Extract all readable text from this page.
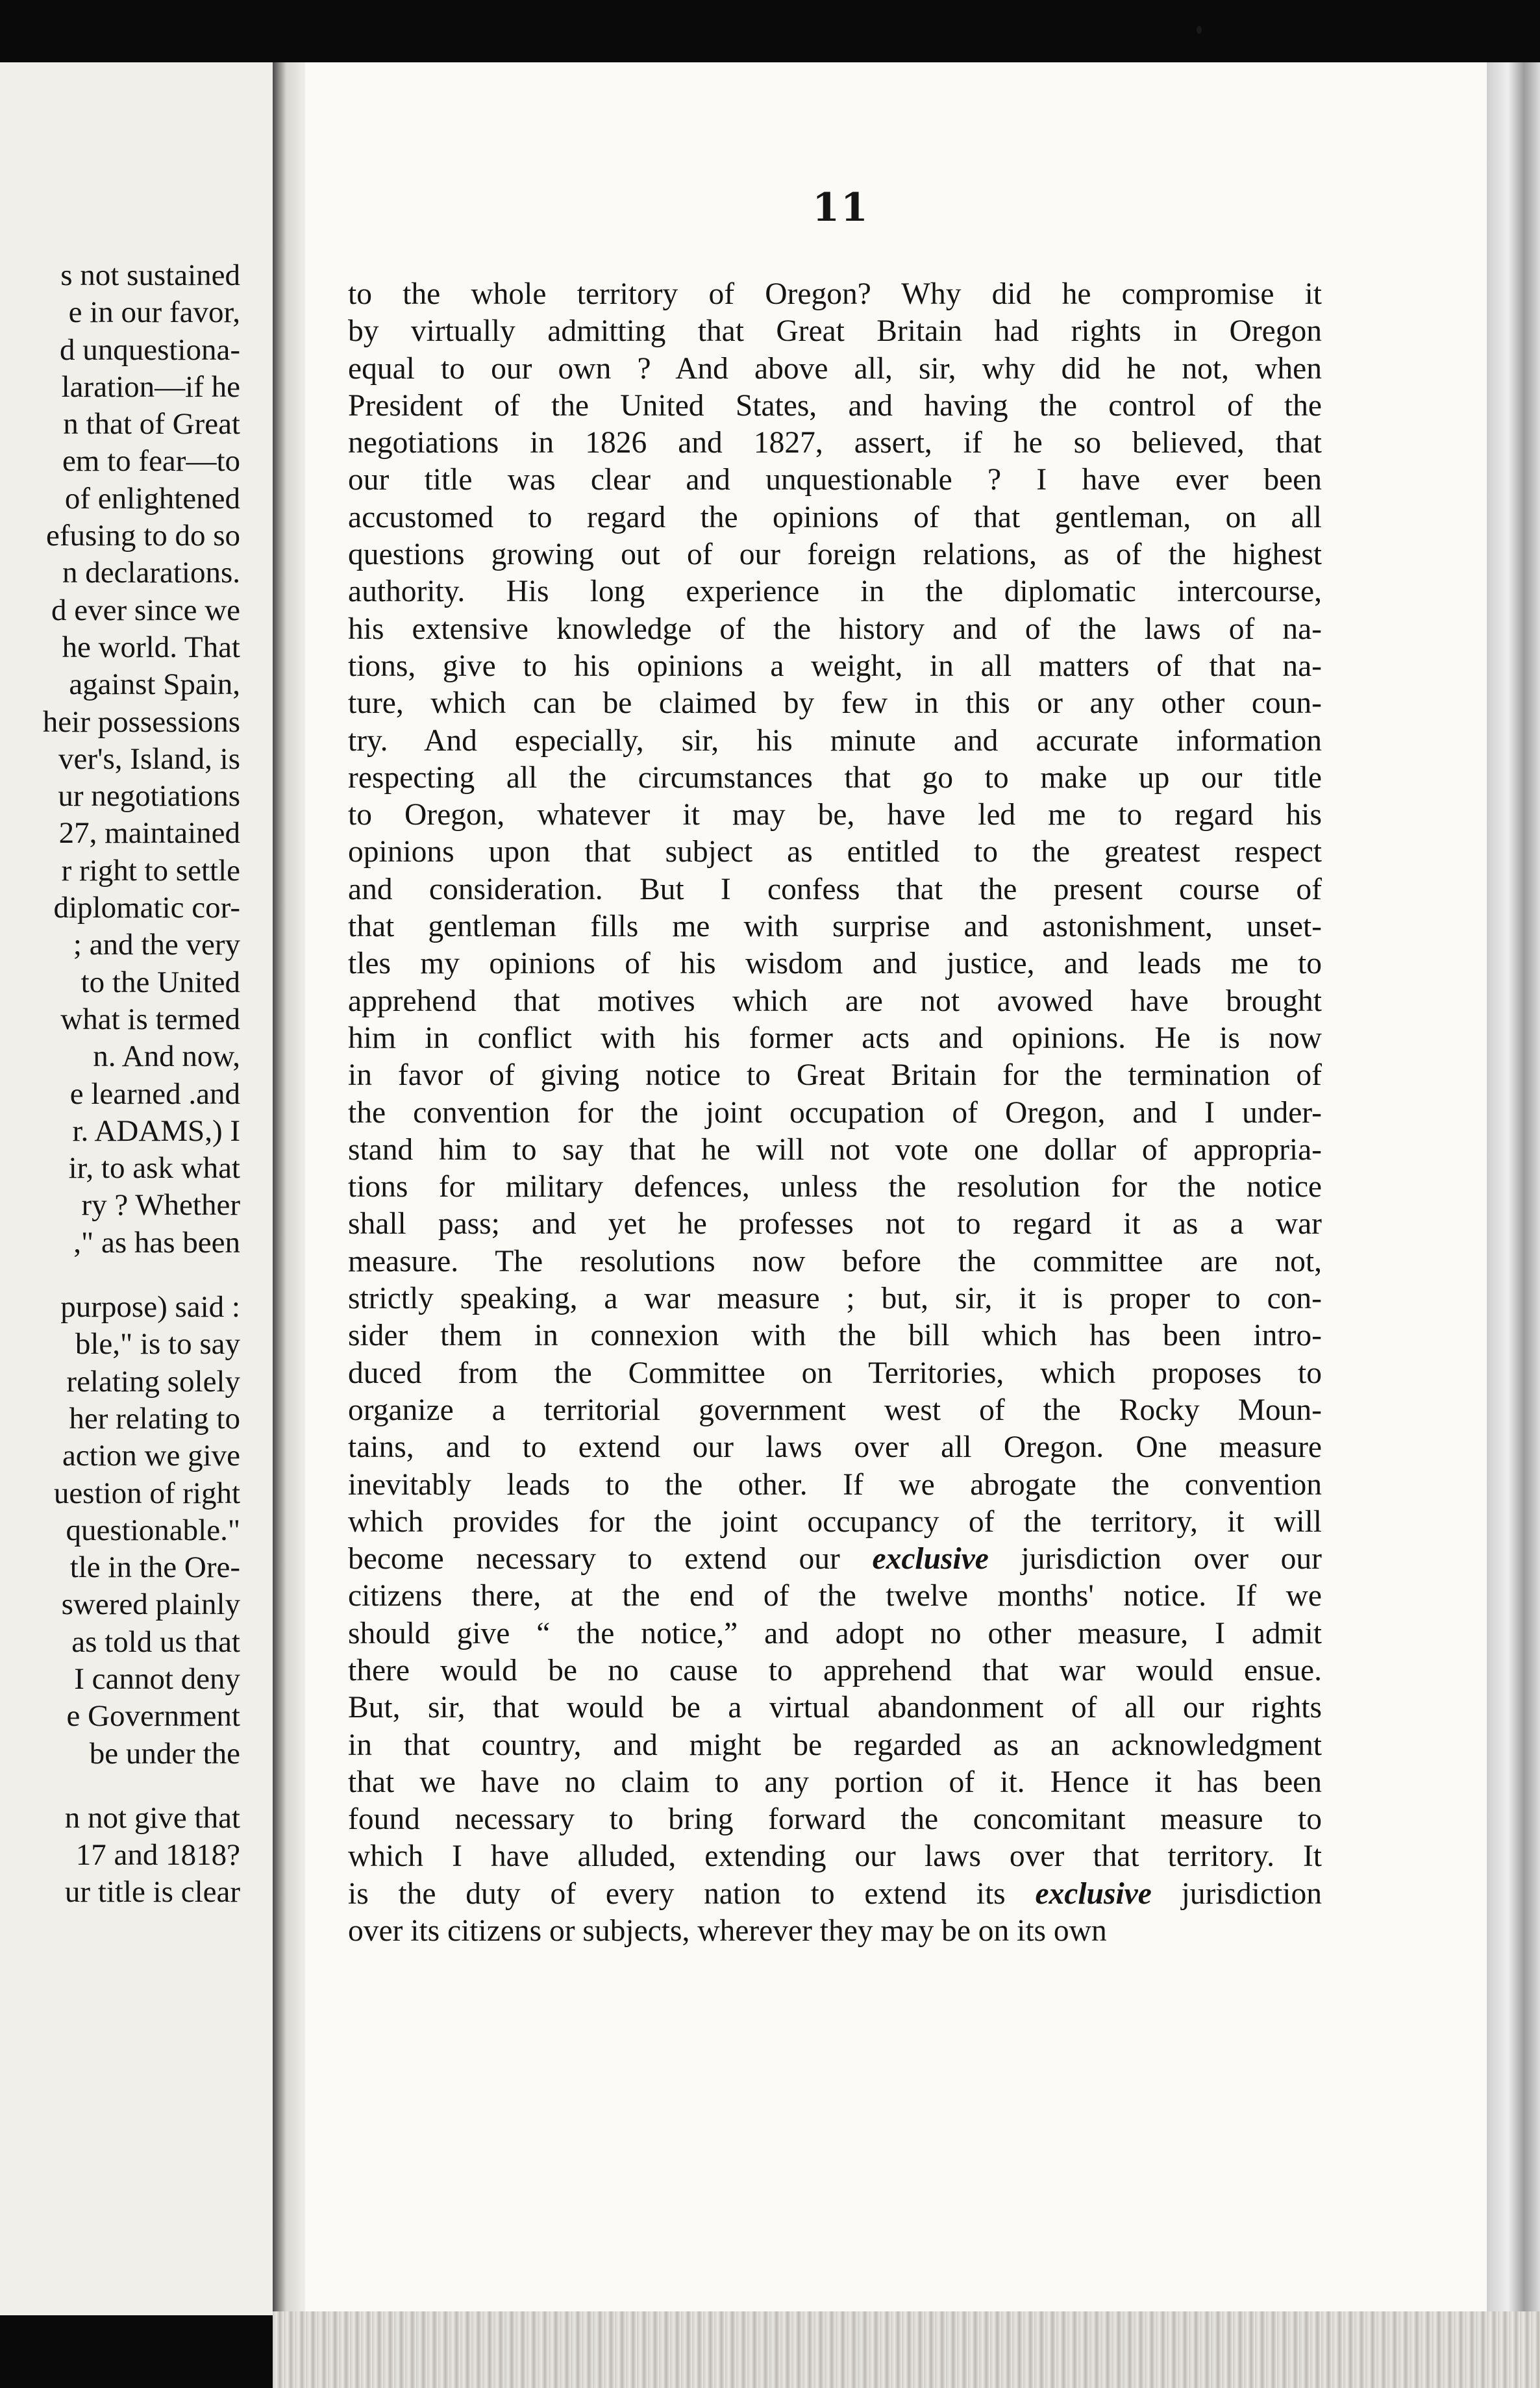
s not sustained
e in our favor,
d unquestiona-
laration—if he
n that of Great
em to fear—to
of enlightened
efusing to do so
n declarations.
d ever since we
he world. That
against Spain,
heir possessions
ver's, Island, is
ur negotiations
27, maintained
r right to settle
diplomatic cor-
; and the very
to the United
what is termed
n. And now,
e learned .and
r. ADAMS,) I
ir, to ask what
ry ? Whether
," as has been
purpose) said :
ble," is to say
relating solely
her relating to
action we give
uestion of right
questionable."
tle in the Ore-
swered plainly
as told us that
I cannot deny
e Government
be under the
n not give that
17 and 1818?
ur title is clear
11
to the whole territory of Oregon? Why did he compromise it
by virtually admitting that Great Britain had rights in Oregon
equal to our own ? And above all, sir, why did he not, when
President of the United States, and having the control of the
negotiations in 1826 and 1827, assert, if he so believed, that
our title was clear and unquestionable ? I have ever been
accustomed to regard the opinions of that gentleman, on all
questions growing out of our foreign relations, as of the highest
authority. His long experience in the diplomatic intercourse,
his extensive knowledge of the history and of the laws of na-
tions, give to his opinions a weight, in all matters of that na-
ture, which can be claimed by few in this or any other coun-
try. And especially, sir, his minute and accurate information
respecting all the circumstances that go to make up our title
to Oregon, whatever it may be, have led me to regard his
opinions upon that subject as entitled to the greatest respect
and consideration. But I confess that the present course of
that gentleman fills me with surprise and astonishment, unset-
tles my opinions of his wisdom and justice, and leads me to
apprehend that motives which are not avowed have brought
him in conflict with his former acts and opinions. He is now
in favor of giving notice to Great Britain for the termination of
the convention for the joint occupation of Oregon, and I under-
stand him to say that he will not vote one dollar of appropria-
tions for military defences, unless the resolution for the notice
shall pass; and yet he professes not to regard it as a war
measure. The resolutions now before the committee are not,
strictly speaking, a war measure ; but, sir, it is proper to con-
sider them in connexion with the bill which has been intro-
duced from the Committee on Territories, which proposes to
organize a territorial government west of the Rocky Moun-
tains, and to extend our laws over all Oregon. One measure
inevitably leads to the other. If we abrogate the convention
which provides for the joint occupancy of the territory, it will
become necessary to extend our exclusive jurisdiction over our
citizens there, at the end of the twelve months' notice. If we
should give “ the notice,” and adopt no other measure, I admit
there would be no cause to apprehend that war would ensue.
But, sir, that would be a virtual abandonment of all our rights
in that country, and might be regarded as an acknowledgment
that we have no claim to any portion of it. Hence it has been
found necessary to bring forward the concomitant measure to
which I have alluded, extending our laws over that territory. It
is the duty of every nation to extend its exclusive jurisdiction
over its citizens or subjects, wherever they may be on its own
